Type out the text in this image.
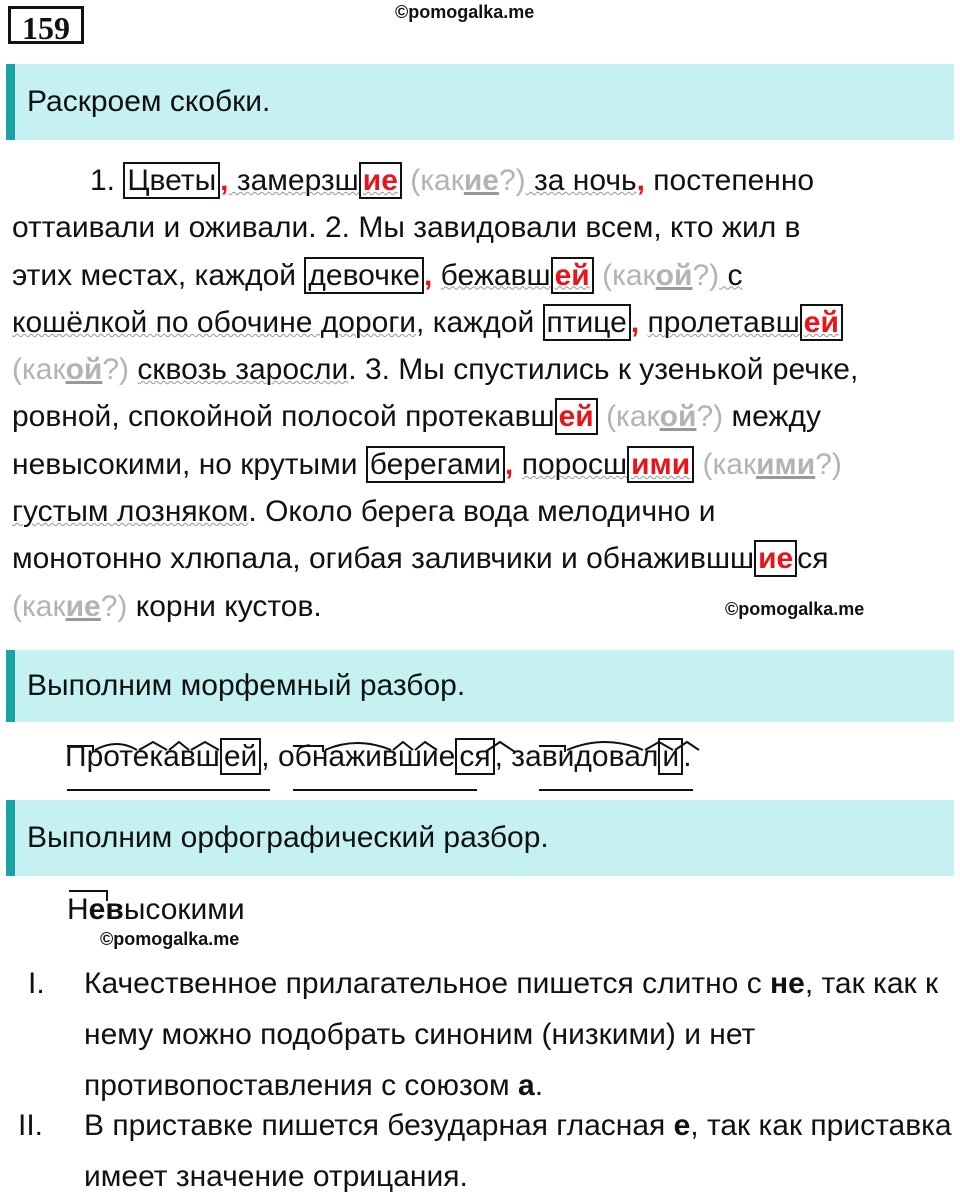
159	©pomogalka.me
Раскроем скобки.
1. Цветы , замерзш ие (какие?) за ночь, постепенно
оттаивали и оживали. 2. Мы завидовали всем, кто жил в
этих местах, каждой девочке , бежавш ей (какой?) с
кошёлкой по обочине дороги, каждой птице , пролетавш ей
(какой?) сквозь заросли. 3. Мы спустились к узенькой речке,
ровной, спокойной полосой протекавш ей (какой?) между
невысокими, но крутыми берегами , поросш ими (какими?)
густым лозняком. Около берега вода мелодично и
монотонно хлюпала, огибая заливчики и обнажившш ие ся
(какие?) корни кустов.	©pomogalka.me
Выполним морфемный разбор.
Протекавш ей , обнажившие ся , завидовал и .
Выполним орфографический разбор.
Невысокими
©pomogalka.me
I. Качественное прилагательное пишется слитно с не, так как к нему можно подобрать синоним (низкими) и нет противопоставления с союзом а.
II. В приставке пишется безударная гласная е, так как приставка имеет значение отрицания.
